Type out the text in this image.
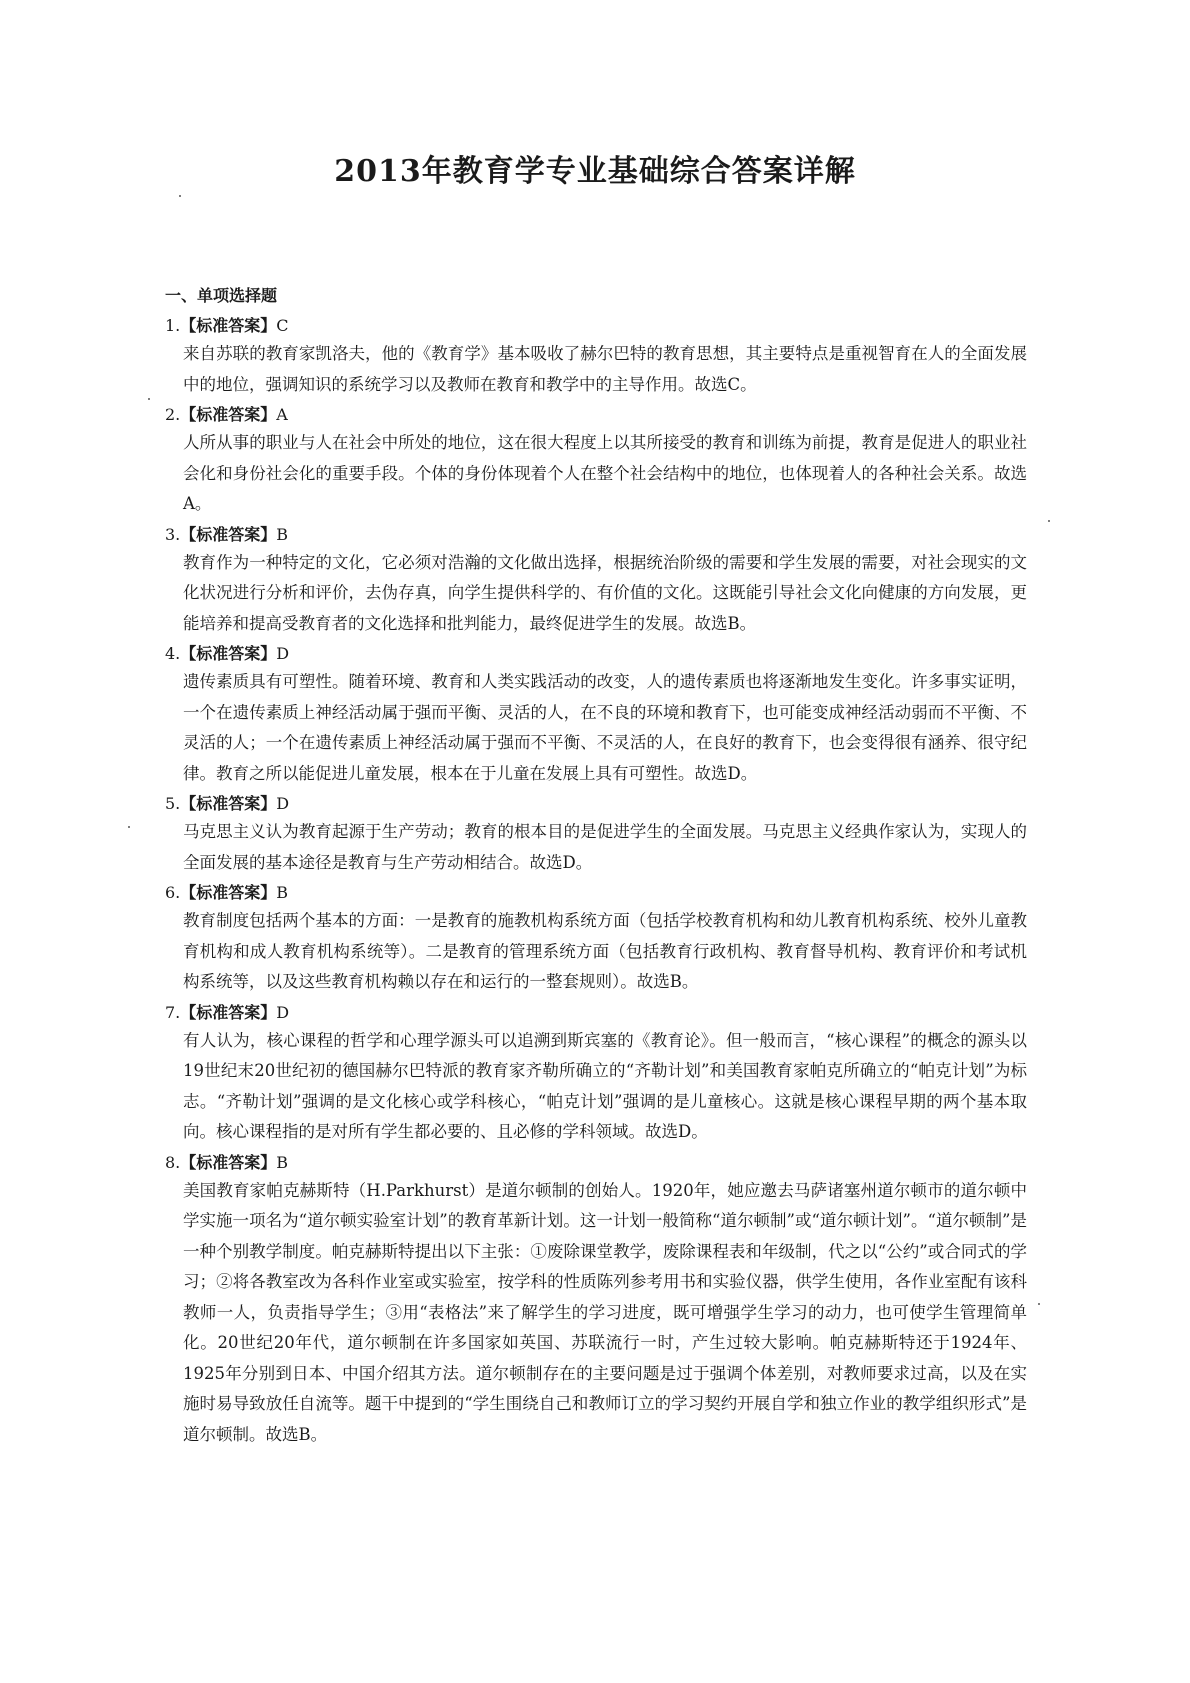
2013年教育学专业基础综合答案详解
一、单项选择题
1.【标准答案】C
来自苏联的教育家凯洛夫，他的《教育学》基本吸收了赫尔巴特的教育思想，其主要特点是重视智育在人的全面发展中的地位，强调知识的系统学习以及教师在教育和教学中的主导作用。故选C。
2.【标准答案】A
人所从事的职业与人在社会中所处的地位，这在很大程度上以其所接受的教育和训练为前提，教育是促进人的职业社会化和身份社会化的重要手段。个体的身份体现着个人在整个社会结构中的地位，也体现着人的各种社会关系。故选A。
3.【标准答案】B
教育作为一种特定的文化，它必须对浩瀚的文化做出选择，根据统治阶级的需要和学生发展的需要，对社会现实的文化状况进行分析和评价，去伪存真，向学生提供科学的、有价值的文化。这既能引导社会文化向健康的方向发展，更能培养和提高受教育者的文化选择和批判能力，最终促进学生的发展。故选B。
4.【标准答案】D
遗传素质具有可塑性。随着环境、教育和人类实践活动的改变，人的遗传素质也将逐渐地发生变化。许多事实证明，一个在遗传素质上神经活动属于强而平衡、灵活的人，在不良的环境和教育下，也可能变成神经活动弱而不平衡、不灵活的人；一个在遗传素质上神经活动属于强而不平衡、不灵活的人，在良好的教育下，也会变得很有涵养、很守纪律。教育之所以能促进儿童发展，根本在于儿童在发展上具有可塑性。故选D。
5.【标准答案】D
马克思主义认为教育起源于生产劳动；教育的根本目的是促进学生的全面发展。马克思主义经典作家认为，实现人的全面发展的基本途径是教育与生产劳动相结合。故选D。
6.【标准答案】B
教育制度包括两个基本的方面：一是教育的施教机构系统方面（包括学校教育机构和幼儿教育机构系统、校外儿童教育机构和成人教育机构系统等）。二是教育的管理系统方面（包括教育行政机构、教育督导机构、教育评价和考试机构系统等，以及这些教育机构赖以存在和运行的一整套规则）。故选B。
7.【标准答案】D
有人认为，核心课程的哲学和心理学源头可以追溯到斯宾塞的《教育论》。但一般而言，“核心课程”的概念的源头以19世纪末20世纪初的德国赫尔巴特派的教育家齐勒所确立的“齐勒计划”和美国教育家帕克所确立的“帕克计划”为标志。“齐勒计划”强调的是文化核心或学科核心，“帕克计划”强调的是儿童核心。这就是核心课程早期的两个基本取向。核心课程指的是对所有学生都必要的、且必修的学科领域。故选D。
8.【标准答案】B
美国教育家帕克赫斯特（H.Parkhurst）是道尔顿制的创始人。1920年，她应邀去马萨诸塞州道尔顿市的道尔顿中学实施一项名为“道尔顿实验室计划”的教育革新计划。这一计划一般简称“道尔顿制”或“道尔顿计划”。“道尔顿制”是一种个别教学制度。帕克赫斯特提出以下主张：①废除课堂教学，废除课程表和年级制，代之以“公约”或合同式的学习；②将各教室改为各科作业室或实验室，按学科的性质陈列参考用书和实验仪器，供学生使用，各作业室配有该科教师一人，负责指导学生；③用“表格法”来了解学生的学习进度，既可增强学生学习的动力，也可使学生管理简单化。20世纪20年代，道尔顿制在许多国家如英国、苏联流行一时，产生过较大影响。帕克赫斯特还于1924年、1925年分别到日本、中国介绍其方法。道尔顿制存在的主要问题是过于强调个体差别，对教师要求过高，以及在实施时易导致放任自流等。题干中提到的“学生围绕自己和教师订立的学习契约开展自学和独立作业的教学组织形式”是道尔顿制。故选B。
